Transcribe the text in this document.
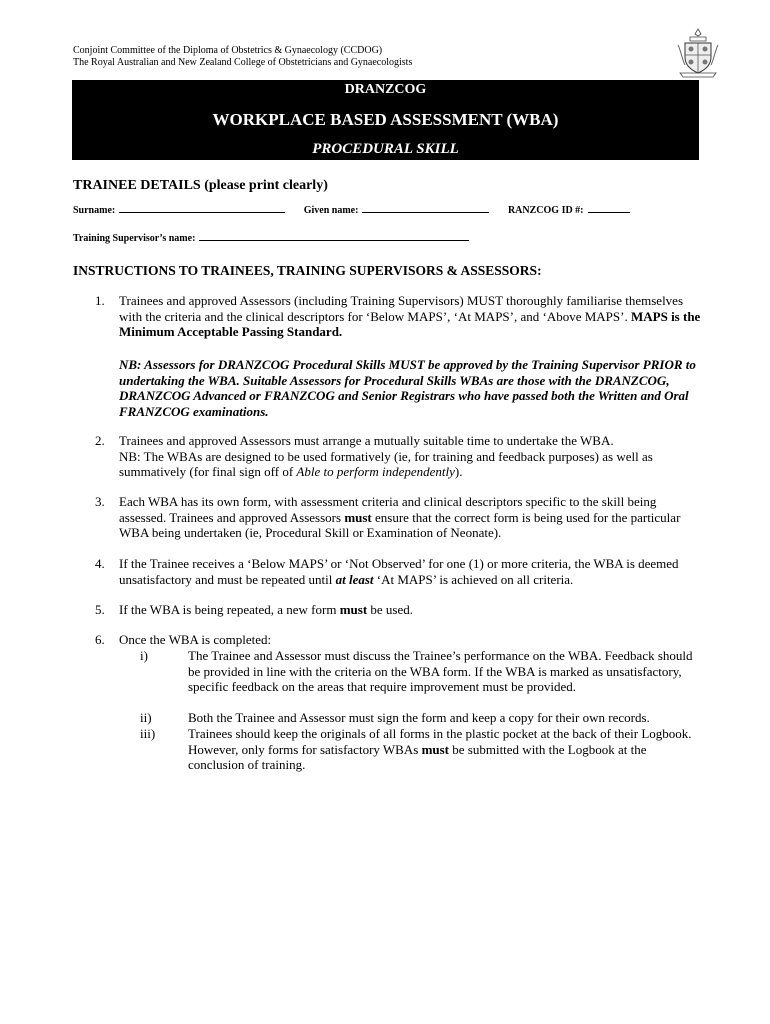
Conjoint Committee of the Diploma of Obstetrics & Gynaecology (CCDOG)
The Royal Australian and New Zealand College of Obstetricians and Gynaecologists
DRANZCOG
WORKPLACE BASED ASSESSMENT (WBA)
PROCEDURAL SKILL
TRAINEE DETAILS (please print clearly)
Surname:	Given name:	RANZCOG ID #:
Training Supervisor’s name:
INSTRUCTIONS TO TRAINEES, TRAINING SUPERVISORS & ASSESSORS:
1. Trainees and approved Assessors (including Training Supervisors) MUST thoroughly familiarise themselves with the criteria and the clinical descriptors for ‘Below MAPS’, ‘At MAPS’, and ‘Above MAPS’. MAPS is the Minimum Acceptable Passing Standard.
NB: Assessors for DRANZCOG Procedural Skills MUST be approved by the Training Supervisor PRIOR to undertaking the WBA. Suitable Assessors for Procedural Skills WBAs are those with the DRANZCOG, DRANZCOG Advanced or FRANZCOG and Senior Registrars who have passed both the Written and Oral FRANZCOG examinations.
2. Trainees and approved Assessors must arrange a mutually suitable time to undertake the WBA.
NB: The WBAs are designed to be used formatively (ie, for training and feedback purposes) as well as summatively (for final sign off of Able to perform independently).
3. Each WBA has its own form, with assessment criteria and clinical descriptors specific to the skill being assessed. Trainees and approved Assessors must ensure that the correct form is being used for the particular WBA being undertaken (ie, Procedural Skill or Examination of Neonate).
4. If the Trainee receives a ‘Below MAPS’ or ‘Not Observed’ for one (1) or more criteria, the WBA is deemed unsatisfactory and must be repeated until at least ‘At MAPS’ is achieved on all criteria.
5. If the WBA is being repeated, a new form must be used.
6. Once the WBA is completed:
i)	The Trainee and Assessor must discuss the Trainee’s performance on the WBA. Feedback should be provided in line with the criteria on the WBA form. If the WBA is marked as unsatisfactory, specific feedback on the areas that require improvement must be provided.
ii)	Both the Trainee and Assessor must sign the form and keep a copy for their own records.
iii)	Trainees should keep the originals of all forms in the plastic pocket at the back of their Logbook. However, only forms for satisfactory WBAs must be submitted with the Logbook at the conclusion of training.
